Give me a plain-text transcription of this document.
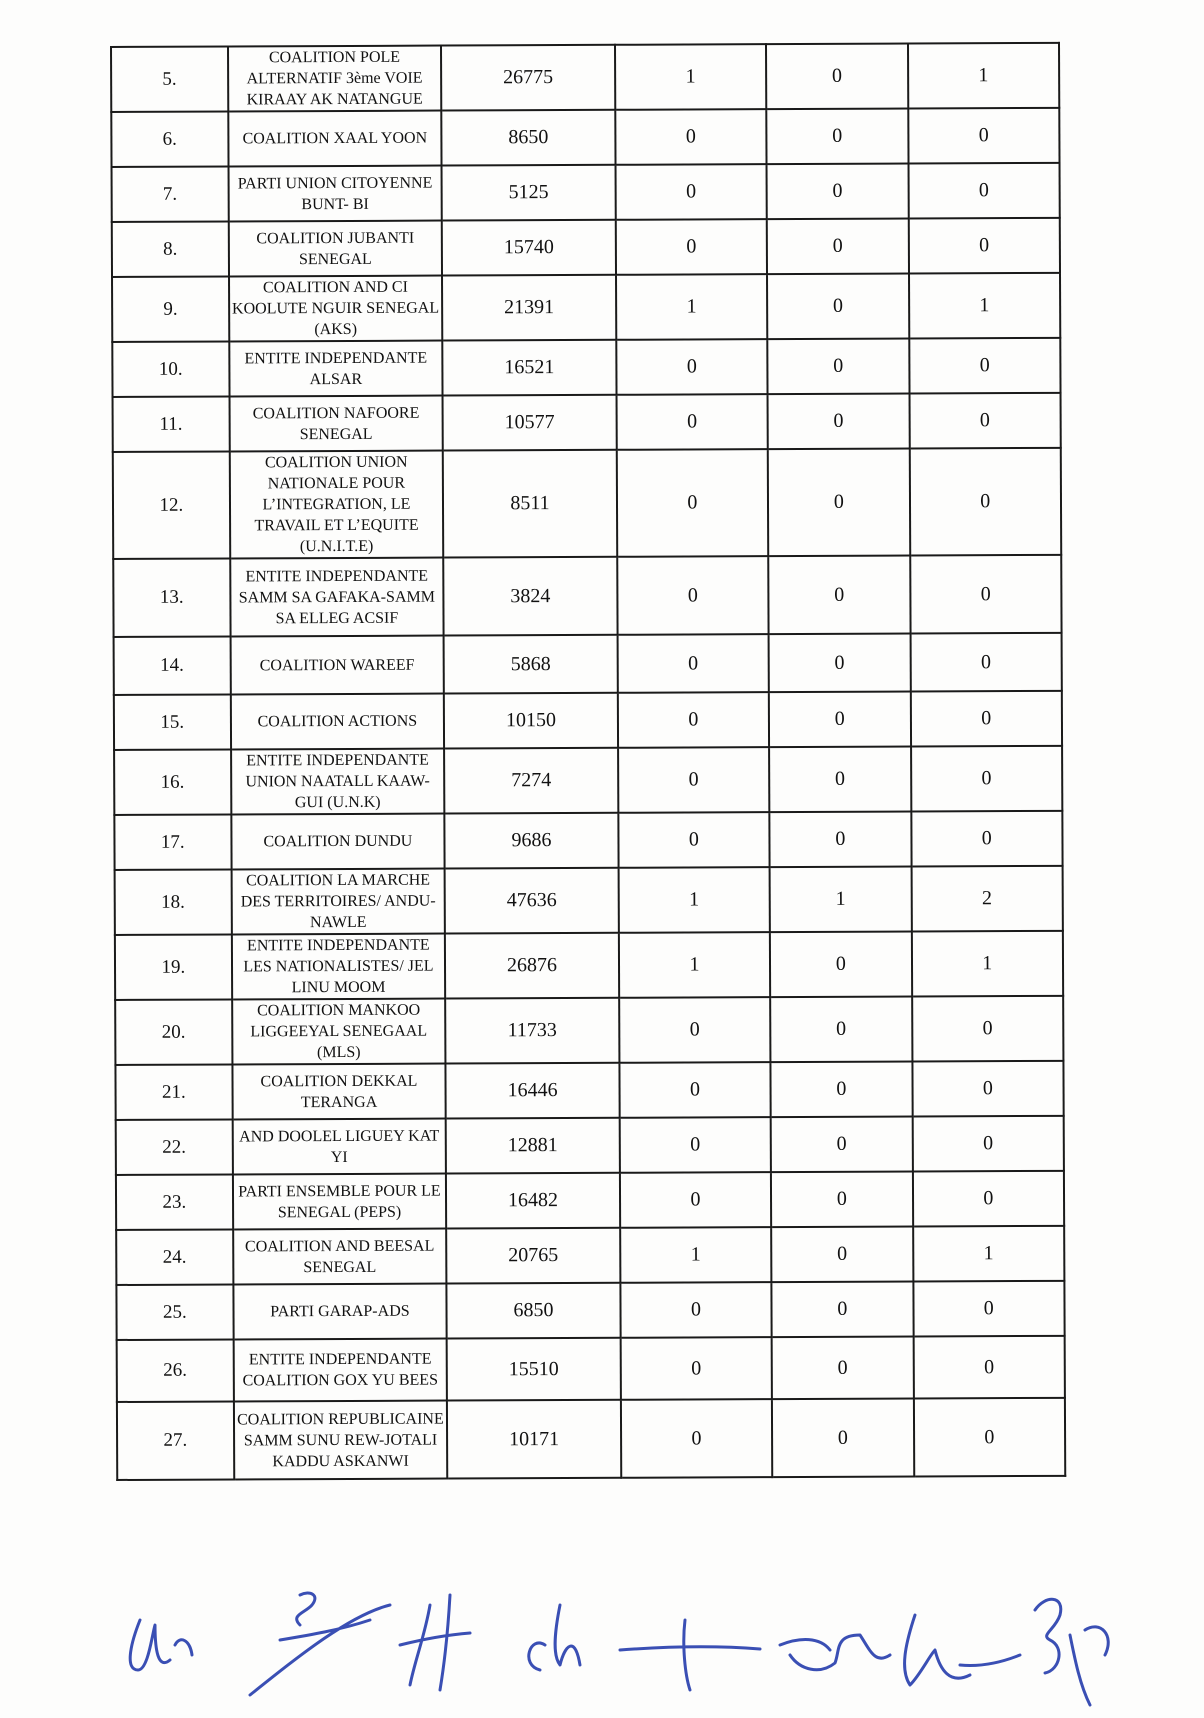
5.	COALITION POLE ALTERNATIF 3ème VOIE KIRAAY AK NATANGUE	26775	1	0	1
6.	COALITION XAAL YOON	8650	0	0	0
7.	PARTI UNION CITOYENNE BUNT- BI	5125	0	0	0
8.	COALITION JUBANTI SENEGAL	15740	0	0	0
9.	COALITION AND CI KOOLUTE NGUIR SENEGAL (AKS)	21391	1	0	1
10.	ENTITE INDEPENDANTE ALSAR	16521	0	0	0
11.	COALITION NAFOORE SENEGAL	10577	0	0	0
12.	COALITION UNION NATIONALE POUR L’INTEGRATION, LE TRAVAIL ET L’EQUITE (U.N.I.T.E)	8511	0	0	0
13.	ENTITE INDEPENDANTE SAMM SA GAFAKA-SAMM SA ELLEG ACSIF	3824	0	0	0
14.	COALITION WAREEF	5868	0	0	0
15.	COALITION ACTIONS	10150	0	0	0
16.	ENTITE INDEPENDANTE UNION NAATALL KAAW-GUI (U.N.K)	7274	0	0	0
17.	COALITION DUNDU	9686	0	0	0
18.	COALITION LA MARCHE DES TERRITOIRES/ ANDU-NAWLE	47636	1	1	2
19.	ENTITE INDEPENDANTE LES NATIONALISTES/ JEL LINU MOOM	26876	1	0	1
20.	COALITION MANKOO LIGGEEYAL SENEGAAL (MLS)	11733	0	0	0
21.	COALITION DEKKAL TERANGA	16446	0	0	0
22.	AND DOOLEL LIGUEY KAT YI	12881	0	0	0
23.	PARTI ENSEMBLE POUR LE SENEGAL (PEPS)	16482	0	0	0
24.	COALITION AND BEESAL SENEGAL	20765	1	0	1
25.	PARTI GARAP-ADS	6850	0	0	0
26.	ENTITE INDEPENDANTE COALITION GOX YU BEES	15510	0	0	0
27.	COALITION REPUBLICAINE SAMM SUNU REW-JOTALI KADDU ASKANWI	10171	0	0	0
